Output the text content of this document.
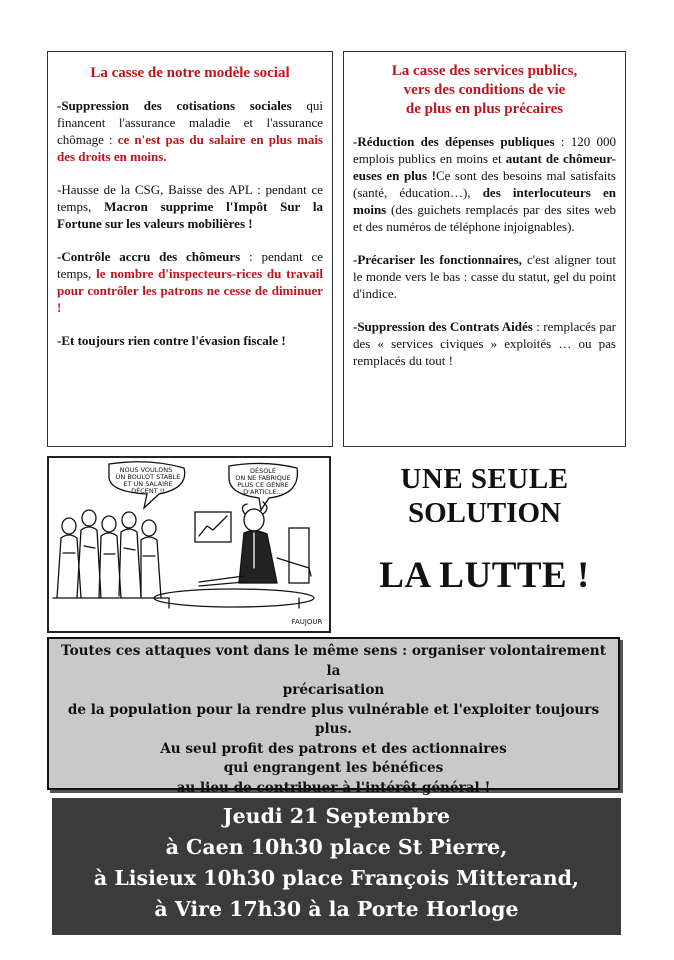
La casse de notre modèle social

-Suppression des cotisations sociales qui financent l'assurance maladie et l'assurance chômage : ce n'est pas du salaire en plus mais des droits en moins.

-Hausse de la CSG, Baisse des APL : pendant ce temps, Macron supprime l'Impôt Sur la Fortune sur les valeurs mobilières !

-Contrôle accru des chômeurs : pendant ce temps, le nombre d'inspecteurs-rices du travail pour contrôler les patrons ne cesse de diminuer !

-Et toujours rien contre l'évasion fiscale !

La casse des services publics,
vers des conditions de vie
de plus en plus précaires

-Réduction des dépenses publiques : 120 000 emplois publics en moins et autant de chômeur-euses en plus !Ce sont des besoins mal satisfaits (santé, éducation…), des interlocuteurs en moins (des guichets remplacés par des sites web et des numéros de téléphone injoignables).

-Précariser les fonctionnaires, c'est aligner tout le monde vers le bas : casse du statut, gel du point d'indice.

-Suppression des Contrats Aidés : remplacés par des « services civiques » exploités … ou pas remplacés du tout !

NOUS VOULONS
UN BOULOT STABLE
ET UN SALAIRE
DÉCENT !!
DÉSOLÉ
ON NE FABRIQUE
PLUS CE GENRE
D'ARTICLE...
FAUJOUR
UNE SEULE
SOLUTION
LA LUTTE !
Toutes ces attaques vont dans le même sens : organiser volontairement la
précarisation
de la population pour la rendre plus vulnérable et l'exploiter toujours
plus.
Au seul profit des patrons et des actionnaires
qui engrangent les bénéfices
au lieu de contribuer à l'intérêt général !
Jeudi 21 Septembre
à Caen 10h30 place St Pierre,
à Lisieux 10h30 place François Mitterand,
à Vire 17h30 à la Porte Horloge
